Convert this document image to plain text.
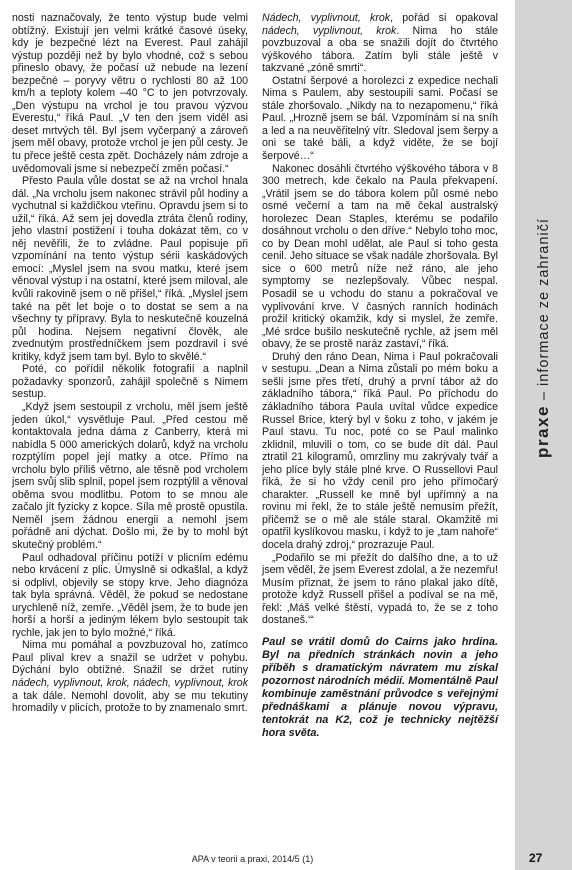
praxe – informace ze zahraničí

nosti naznačovaly, že tento výstup bude velmi obtížný. Existují jen velmi krátké časové úseky, kdy je bezpečné lézt na Everest. Paul zahájil výstup později než by bylo vhodné, což s sebou přineslo obavy, že počasí už nebude na lezení bezpečné – poryvy větru o rychlosti 80 až 100 km/h a teploty kolem –40 °C to jen potvrzovaly. „Den výstupu na vrchol je tou pravou výzvou Everestu,“ říká Paul. „V ten den jsem viděl asi deset mrtvých těl. Byl jsem vyčerpaný a zároveň jsem měl obavy, protože vrchol je jen půl cesty. Je tu přece ještě cesta zpět. Docházely nám zdroje a uvědomovali jsme si nebezpečí změn počasí.“

Přesto Paula vůle dostat se až na vrchol hnala dál. „Na vrcholu jsem nakonec strávil půl hodiny a vychutnal si každičkou vteřinu. Opravdu jsem si to užil,“ říká. Až sem jej dovedla ztráta členů rodiny, jeho vlastní postižení i touha dokázat těm, co v něj nevěřili, že to zvládne. Paul popisuje při vzpomínání na tento výstup sérii kaskádových emocí: „Myslel jsem na svou matku, které jsem věnoval výstup i na ostatní, které jsem miloval, ale kvůli rakovině jsem o ně přišel,“ říká. „Myslel jsem také na pět let boje o to dostat se sem a na všechny ty přípravy. Byla to neskutečně kouzelná půl hodina. Nejsem negativní člověk, ale zvednutým prostředníčkem jsem pozdravil i své kritiky, když jsem tam byl. Bylo to skvělé.“

Poté, co pořídil několik fotografií a naplnil požadavky sponzorů, zahájil společně s Nimem sestup.

„Když jsem sestoupil z vrcholu, měl jsem ještě jeden úkol,“ vysvětluje Paul. „Před cestou mě kontaktovala jedna dáma z Canberry, která mi nabídla 5 000 amerických dolarů, když na vrcholu rozptýlím popel její matky a otce. Přímo na vrcholu bylo příliš větrno, ale těsně pod vrcholem jsem svůj slib splnil, popel jsem rozptýlil a věnoval oběma svou modlitbu. Potom to se mnou ale začalo jít fyzicky z kopce. Síla mě prostě opustila. Neměl jsem žádnou energii a nemohl jsem pořádně ani dýchat. Došlo mi, že by to mohl být skutečný problém.“

Paul odhadoval příčinu potíží v plicním edému nebo krvácení z plic. Úmyslně si odkašlal, a když si odplivl, objevily se stopy krve. Jeho diagnóza tak byla správná. Věděl, že pokud se nedostane urychleně níž, zemře. „Věděl jsem, že to bude jen horší a horší a jediným lékem bylo sestoupit tak rychle, jak jen to bylo možné,“ říká.

Nima mu pomáhal a povzbuzoval ho, zatímco Paul plival krev a snažil se udržet v pohybu. Dýchání bylo obtížné. Snažil se držet rutiny nádech, vyplivnout, krok, nádech, vyplivnout, krok a tak dále. Nemohl dovolit, aby se mu tekutiny hromadily v plicích, protože to by znamenalo smrt.

Nádech, vyplivnout, krok, pořád si opakoval nádech, vyplivnout, krok. Nima ho stále povzbuzoval a oba se snažili dojít do čtvrtého výškového tábora. Zatím byli stále ještě v takzvané „zóně smrti“.

Ostatní šerpové a horolezci z expedice nechali Nima s Paulem, aby sestoupili sami. Počasí se stále zhoršovalo. „Nikdy na to nezapomenu,“ říká Paul. „Hrozně jsem se bál. Vzpomínám si na sníh a led a na neuvěřitelný vítr. Sledoval jsem šerpy a oni se také báli, a když viděte, že se bojí šerpové…“

Nakonec dosáhli čtvrtého výškového tábora v 8 300 metrech, kde čekalo na Paula překvapení. „Vrátil jsem se do tábora kolem půl osmé nebo osmé večerní a tam na mě čekal australský horolezec Dean Staples, kterému se podařilo dosáhnout vrcholu o den dříve.“ Nebylo toho moc, co by Dean mohl udělat, ale Paul si toho gesta cenil. Jeho situace se však nadále zhoršovala. Byl sice o 600 metrů níže než ráno, ale jeho symptomy se nezlepšovaly. Vůbec nespal. Posadil se u vchodu do stanu a pokračoval ve vyplivování krve. V časných ranních hodinách prožil kritický okamžik, kdy si myslel, že zemře. „Mé srdce bušilo neskutečně rychle, až jsem měl obavy, že se prostě naráz zastaví,“ říká.

Druhý den ráno Dean, Nima i Paul pokračovali v sestupu. „Dean a Nima zůstali po mém boku a sešli jsme přes třetí, druhý a první tábor až do základního tábora,“ říká Paul. Po příchodu do základního tábora Paula uvítal vůdce expedice Russel Brice, který byl v šoku z toho, v jakém je Paul stavu. Tu noc, poté co se Paul malinko zklidnil, mluvili o tom, co se bude dít dál. Paul ztratil 21 kilogramů, omrzliny mu zakrývaly tvář a jeho plíce byly stále plné krve. O Russellovi Paul říká, že si ho vždy cenil pro jeho přímočarý charakter. „Russell ke mně byl upřímný a na rovinu mi řekl, že to stále ještě nemusím přežít, přičemž se o mě ale stále staral. Okamžitě mi opatřil kyslíkovou masku, i když to je „tam nahoře“ docela drahý zdroj,“ prozrazuje Paul.

„Podařilo se mi přežít do dalšího dne, a to už jsem věděl, že jsem Everest zdolal, a že nezemřu! Musím přiznat, že jsem to ráno plakal jako dítě, protože když Russell přišel a podíval se na mě, řekl: ‚Máš velké štěstí, vypadá to, že se z toho dostaneš.‘“

Paul se vrátil domů do Cairns jako hrdina. Byl na předních stránkách novin a jeho příběh s dramatickým návratem mu získal pozornost národních médií. Momentálně Paul kombinuje zaměstnání průvodce s veřejnými přednáškami a plánuje novou výpravu, tentokrát na K2, což je technicky nejtěžší hora světa.

APA v teorii a praxi, 2014/5 (1)	27
